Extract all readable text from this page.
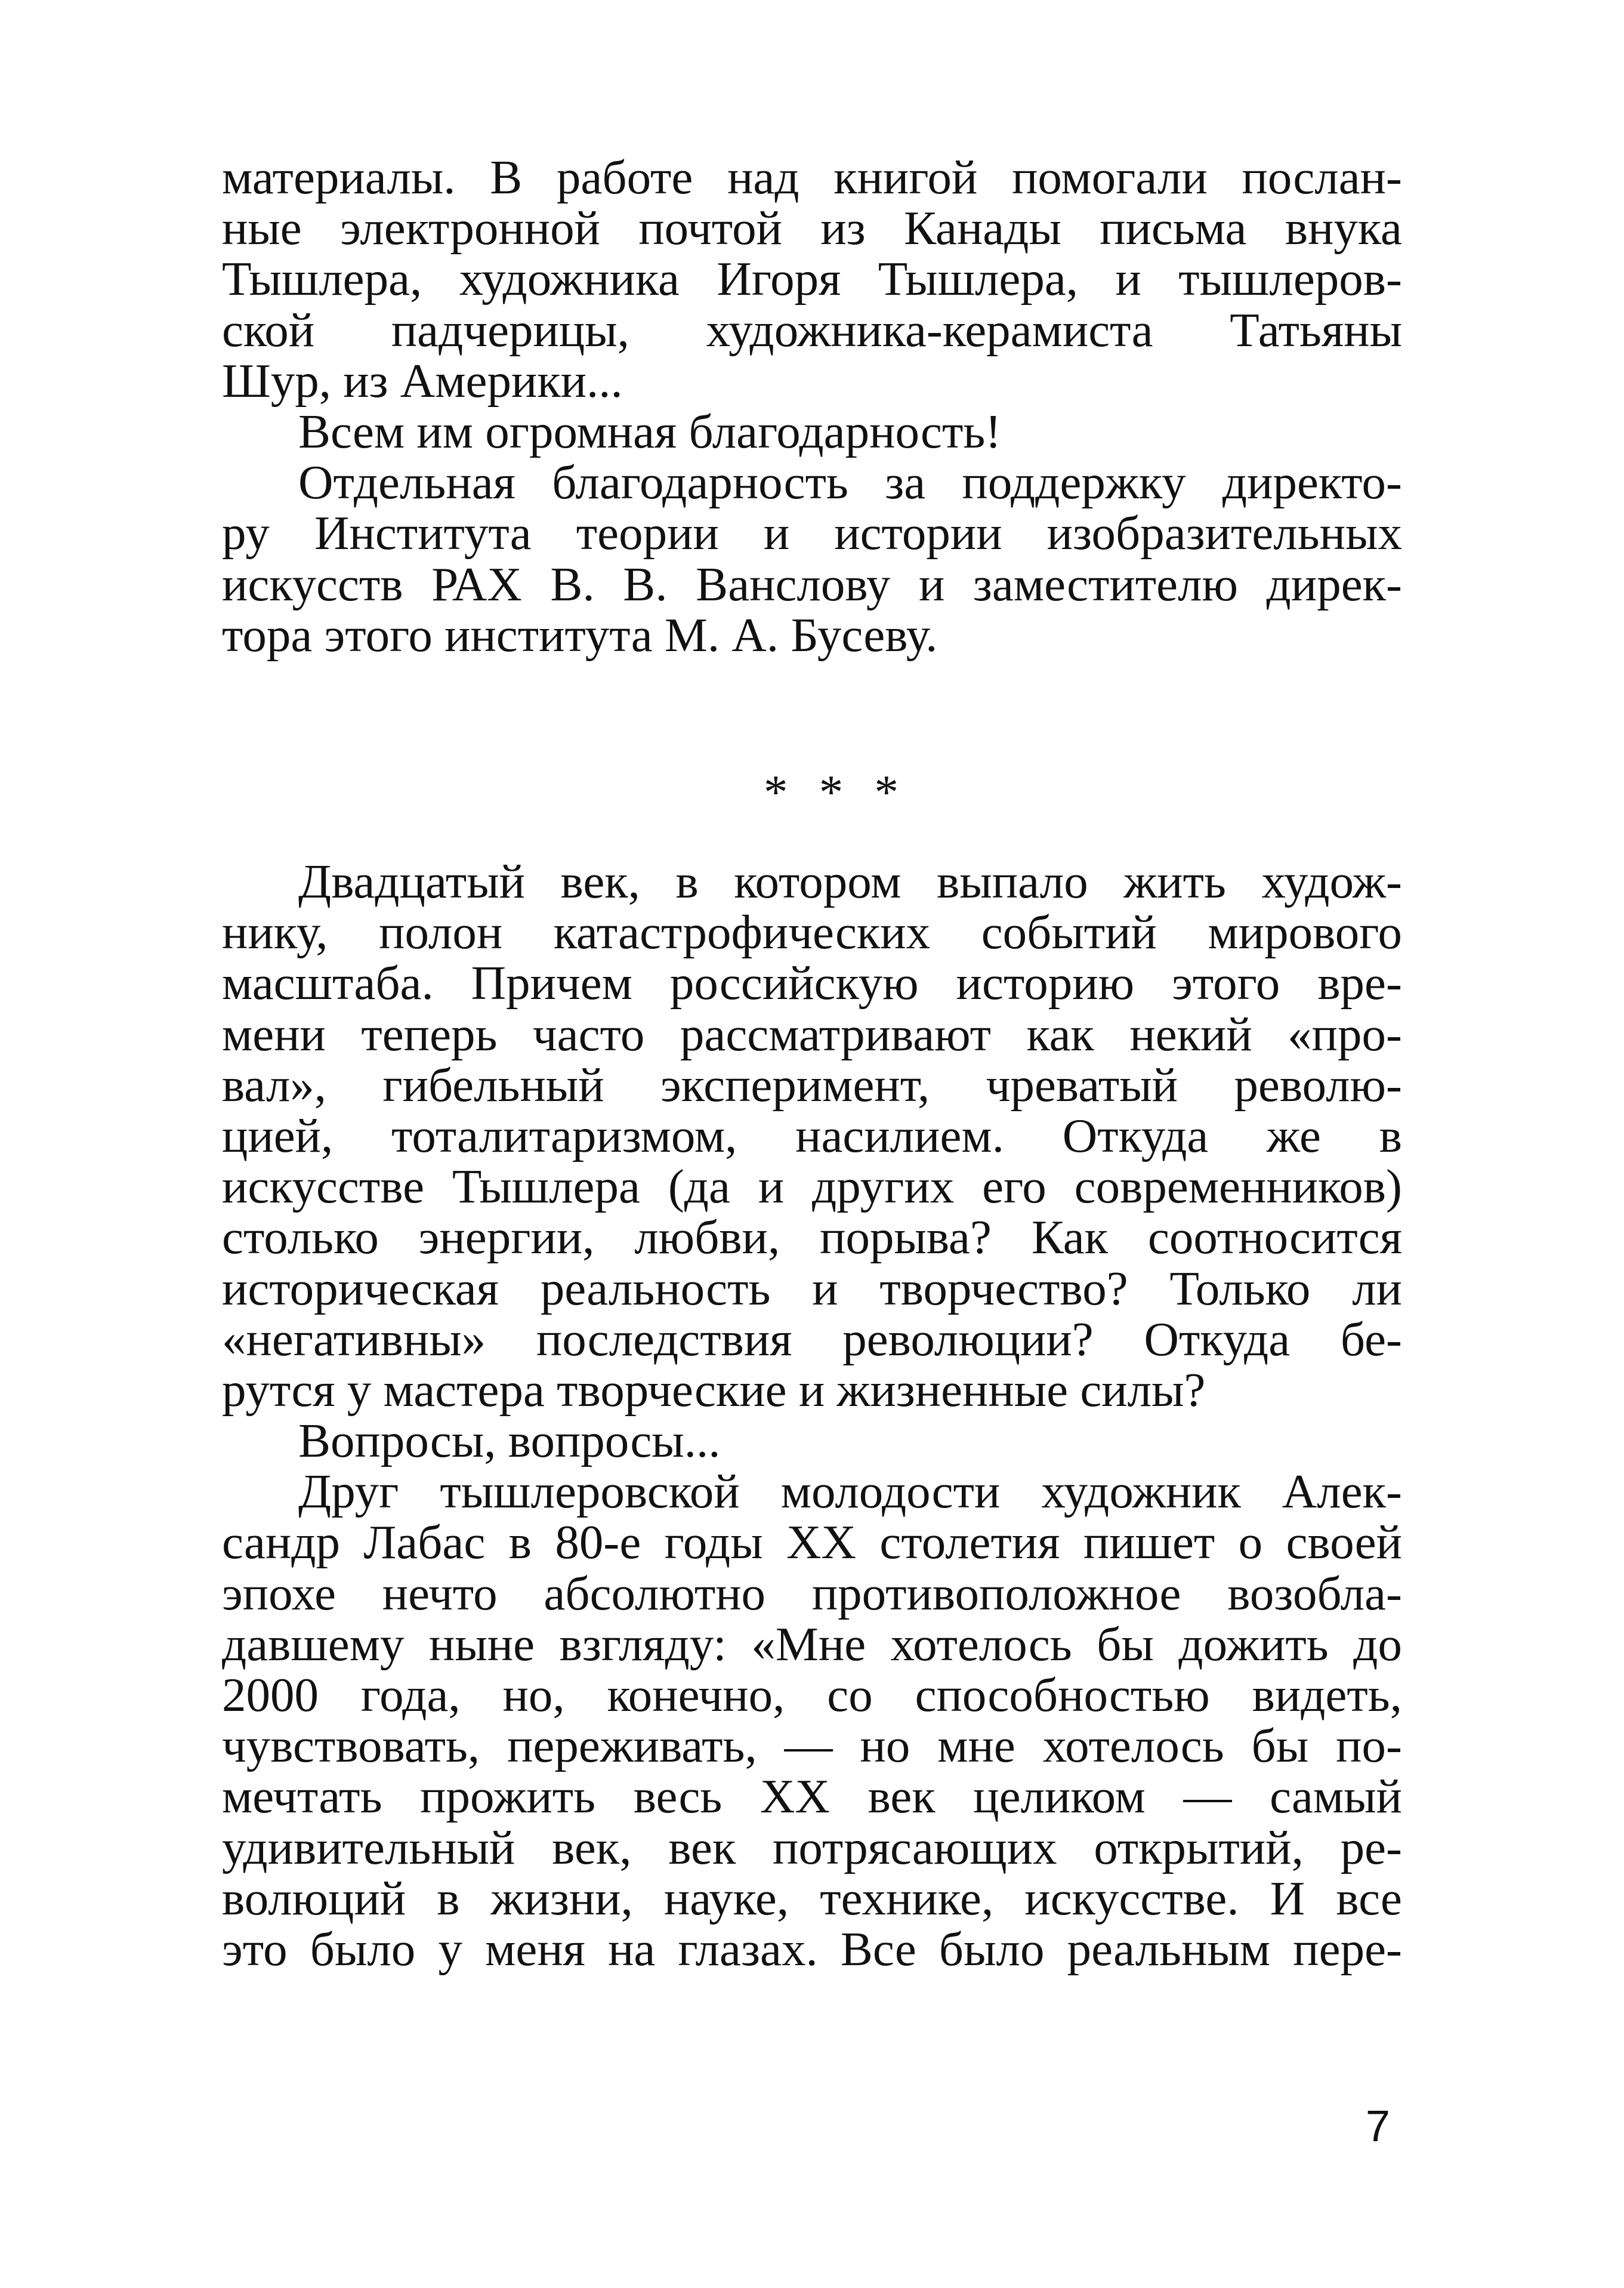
материалы. В работе над книгой помогали послан-
ные электронной почтой из Канады письма внука
Тышлера, художника Игоря Тышлера, и тышлеров-
ской падчерицы, художника-керамиста Татьяны
Шур, из Америки...
Всем им огромная благодарность!
Отдельная благодарность за поддержку директо-
ру Института теории и истории изобразительных
искусств РАХ В. В. Ванслову и заместителю дирек-
тора этого института М. А. Бусеву.
* * *
Двадцатый век, в котором выпало жить худож-
нику, полон катастрофических событий мирового
масштаба. Причем российскую историю этого вре-
мени теперь часто рассматривают как некий «про-
вал», гибельный эксперимент, чреватый револю-
цией, тоталитаризмом, насилием. Откуда же в
искусстве Тышлера (да и других его современников)
столько энергии, любви, порыва? Как соотносится
историческая реальность и творчество? Только ли
«негативны» последствия революции? Откуда бе-
рутся у мастера творческие и жизненные силы?
Вопросы, вопросы...
Друг тышлеровской молодости художник Алек-
сандр Лабас в 80-е годы XX столетия пишет о своей
эпохе нечто абсолютно противоположное возобла-
давшему ныне взгляду: «Мне хотелось бы дожить до
2000 года, но, конечно, со способностью видеть,
чувствовать, переживать, — но мне хотелось бы по-
мечтать прожить весь XX век целиком — самый
удивительный век, век потрясающих открытий, ре-
волюций в жизни, науке, технике, искусстве. И все
это было у меня на глазах. Все было реальным пере-
7
